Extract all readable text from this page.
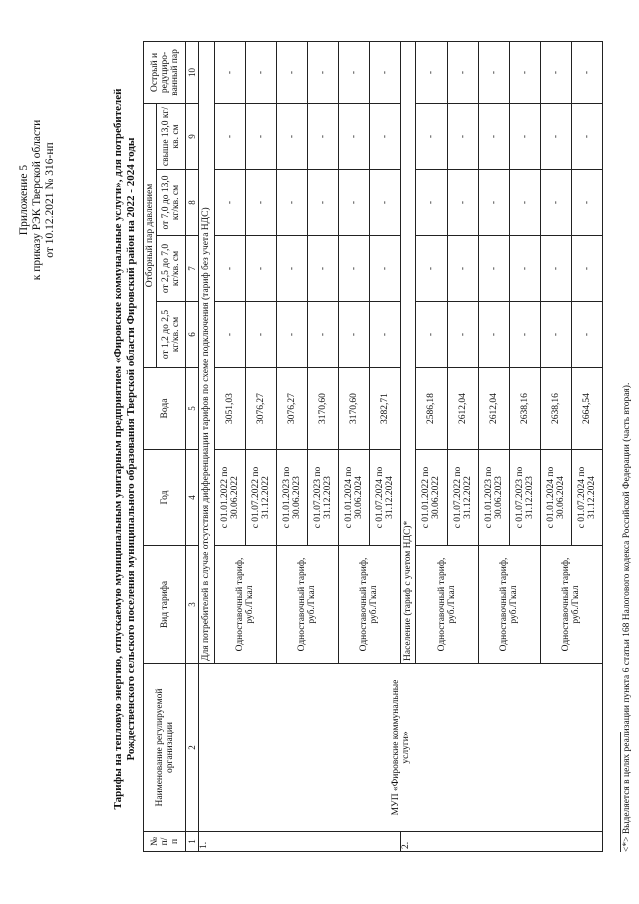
Приложение 5 к приказу РЭК Тверской области от 10.12.2021 № 316-нп	Тарифы на тепловую энергию, отпускаемую муниципальным унитарным предприятием «Фировские коммунальные услуги», для потребителей Рождественского сельского поселения муниципального образования Тверской области Фировский район на 2022 - 2024 годы
№ п/ п	Наименование регулируемой организации	Вид тарифа	Год	Вода	Отборный пар давлением				Острый и редуциро- ванный пар
					от 1,2 до 2,5 кг/кв. см	от 2,5 до 7,0 кг/кв. см	от 7,0 до 13,0 кг/кв. см	свыше 13,0 кг/кв. см	
1	2	3	4	5	6	7	8	9	10
1.	МУП «Фировские коммунальные услуги»	Для потребителей в случае отсутствия дифференциации тарифов по схеме подключения (тариф без учета НДС)							
		Одноставочный тариф, руб./Гкал	с 01.01.2022 по 30.06.2022	3051,03	-	-	-	-	-
			с 01.07.2022 по 31.12.2022	3076,27	-	-	-	-	-
		Одноставочный тариф, руб./Гкал	с 01.01.2023 по 30.06.2023	3076,27	-	-	-	-	-
			с 01.07.2023 по 31.12.2023	3170,60	-	-	-	-	-
		Одноставочный тариф, руб./Гкал	с 01.01.2024 по 30.06.2024	3170,60	-	-	-	-	-
			с 01.07.2024 по 31.12.2024	3282,71	-	-	-	-	-
2.		Население (тариф с учетом НДС)*							
		Одноставочный тариф, руб./Гкал	с 01.01.2022 по 30.06.2022	2586,18	-	-	-	-	-
			с 01.07.2022 по 31.12.2022	2612,04	-	-	-	-	-
		Одноставочный тариф, руб./Гкал	с 01.01.2023 по 30.06.2023	2612,04	-	-	-	-	-
			с 01.07.2023 по 31.12.2023	2638,16	-	-	-	-	-
		Одноставочный тариф, руб./Гкал	с 01.01.2024 по 30.06.2024	2638,16	-	-	-	-	-
			с 01.07.2024 по 31.12.2024	2664,54	-	-	-	-	-
<*> Выделяется в целях реализации пункта 6 статьи 168 Налогового кодекса Российской Федерации (часть вторая).
